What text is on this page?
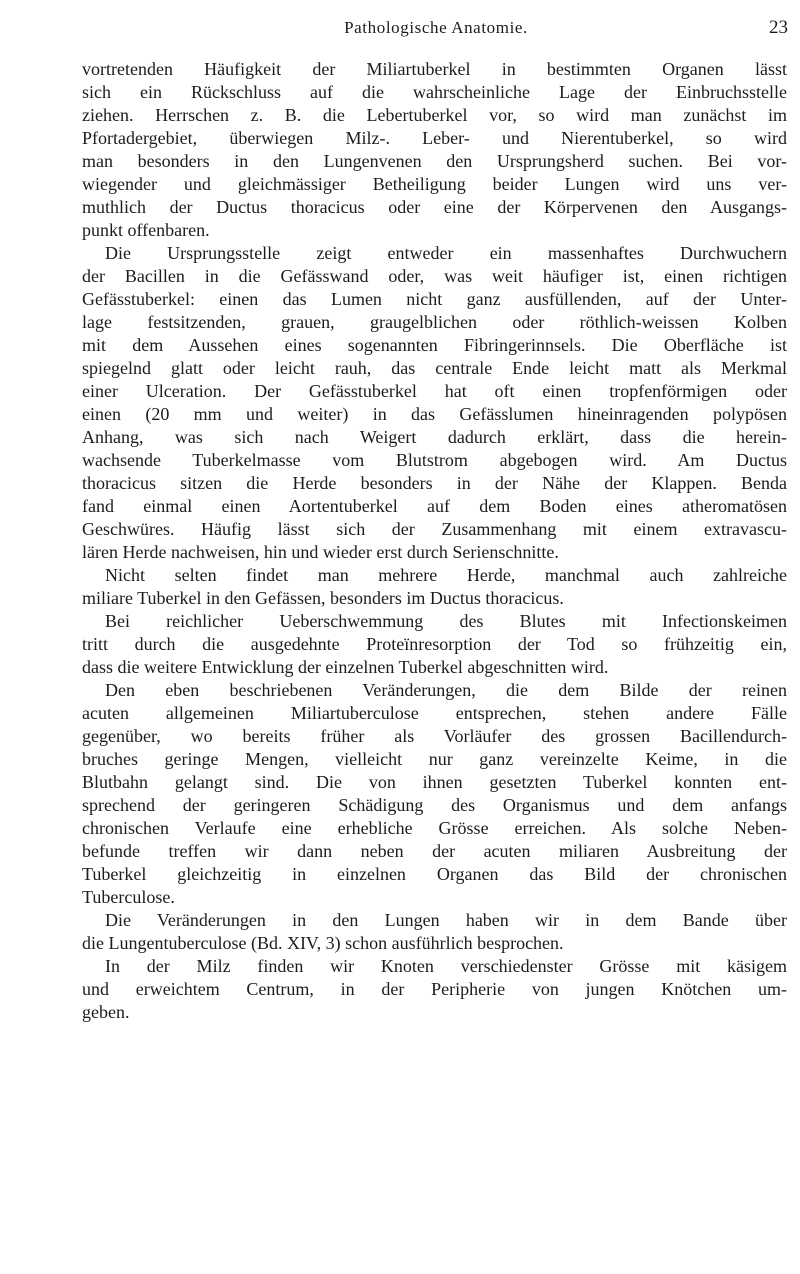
Pathologische Anatomie.	23
vortretenden Häufigkeit der Miliartuberkel in bestimmten Organen lässt
sich ein Rückschluss auf die wahrscheinliche Lage der Einbruchsstelle
ziehen. Herrschen z. B. die Lebertuberkel vor, so wird man zunächst im
Pfortadergebiet, überwiegen Milz-. Leber- und Nierentuberkel, so wird
man besonders in den Lungenvenen den Ursprungsherd suchen. Bei vor-
wiegender und gleichmässiger Betheiligung beider Lungen wird uns ver-
muthlich der Ductus thoracicus oder eine der Körpervenen den Ausgangs-
punkt offenbaren.
Die Ursprungsstelle zeigt entweder ein massenhaftes Durchwuchern
der Bacillen in die Gefässwand oder, was weit häufiger ist, einen richtigen
Gefässtuberkel: einen das Lumen nicht ganz ausfüllenden, auf der Unter-
lage festsitzenden, grauen, graugelblichen oder röthlich-weissen Kolben
mit dem Aussehen eines sogenannten Fibringerinnsels. Die Oberfläche ist
spiegelnd glatt oder leicht rauh, das centrale Ende leicht matt als Merkmal
einer Ulceration. Der Gefässtuberkel hat oft einen tropfenförmigen oder
einen (20 mm und weiter) in das Gefässlumen hineinragenden polypösen
Anhang, was sich nach Weigert dadurch erklärt, dass die herein-
wachsende Tuberkelmasse vom Blutstrom abgebogen wird. Am Ductus
thoracicus sitzen die Herde besonders in der Nähe der Klappen. Benda
fand einmal einen Aortentuberkel auf dem Boden eines atheromatösen
Geschwüres. Häufig lässt sich der Zusammenhang mit einem extravascu-
lären Herde nachweisen, hin und wieder erst durch Serienschnitte.
Nicht selten findet man mehrere Herde, manchmal auch zahlreiche
miliare Tuberkel in den Gefässen, besonders im Ductus thoracicus.
Bei reichlicher Ueberschwemmung des Blutes mit Infectionskeimen
tritt durch die ausgedehnte Proteïnresorption der Tod so frühzeitig ein,
dass die weitere Entwicklung der einzelnen Tuberkel abgeschnitten wird.
Den eben beschriebenen Veränderungen, die dem Bilde der reinen
acuten allgemeinen Miliartuberculose entsprechen, stehen andere Fälle
gegenüber, wo bereits früher als Vorläufer des grossen Bacillendurch-
bruches geringe Mengen, vielleicht nur ganz vereinzelte Keime, in die
Blutbahn gelangt sind. Die von ihnen gesetzten Tuberkel konnten ent-
sprechend der geringeren Schädigung des Organismus und dem anfangs
chronischen Verlaufe eine erhebliche Grösse erreichen. Als solche Neben-
befunde treffen wir dann neben der acuten miliaren Ausbreitung der
Tuberkel gleichzeitig in einzelnen Organen das Bild der chronischen
Tuberculose.
Die Veränderungen in den Lungen haben wir in dem Bande über
die Lungentuberculose (Bd. XIV, 3) schon ausführlich besprochen.
In der Milz finden wir Knoten verschiedenster Grösse mit käsigem
und erweichtem Centrum, in der Peripherie von jungen Knötchen um-
geben.
